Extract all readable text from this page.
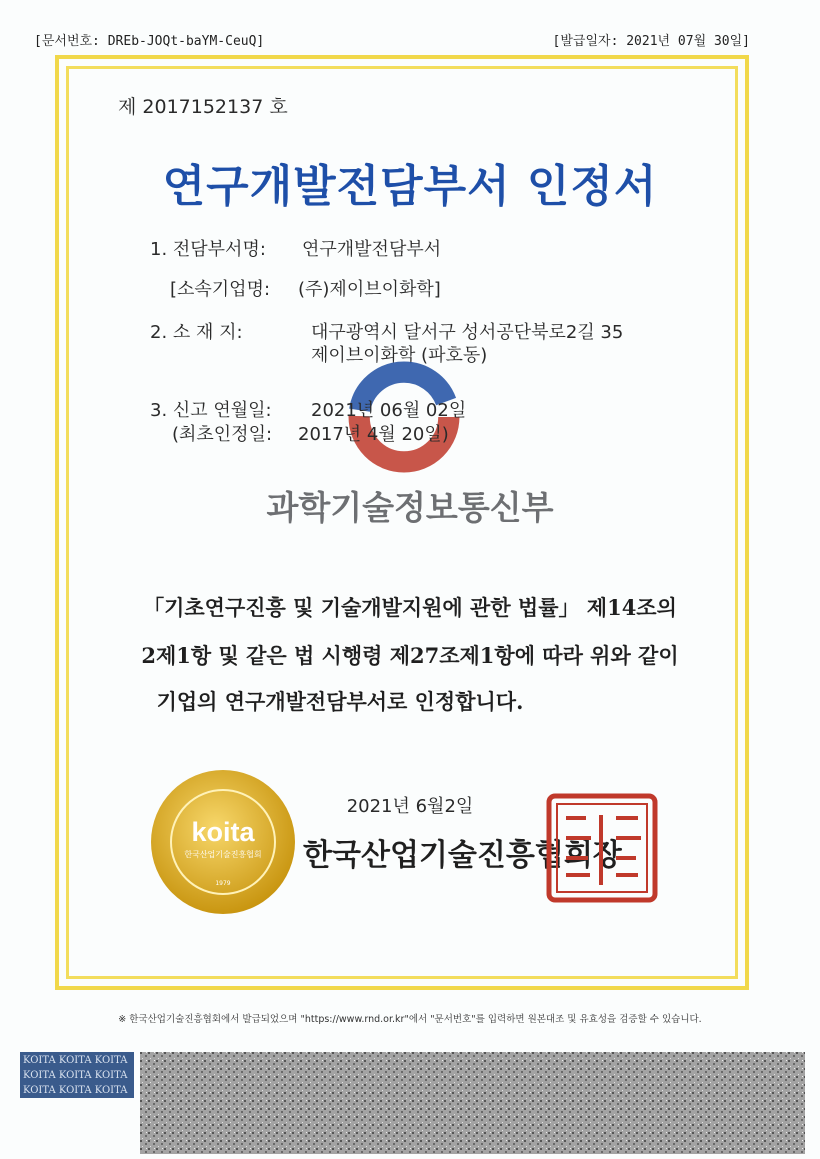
[문서번호: DREb-JOQt-baYM-CeuQ]	[발급일자: 2021년 07월 30일]
제 2017152137 호
연구개발전담부서 인정서
1. 전담부서명: 연구개발전담부서
[소속기업명: (주)제이브이화학]
2. 소 재 지:	대구광역시 달서구 성서공단북로2길 35
제이브이화학 (파호동)
3. 신고 연월일: 2021년 06월 02일
(최초인정일: 2017년 4월 20일)
과학기술정보통신부
「기초연구진흥 및 기술개발지원에 관한 법률」 제14조의
2제1항 및 같은 법 시행령 제27조제1항에 따라 위와 같이
기업의 연구개발전담부서로 인정합니다.
2021년 6월2일
koita
한국산업기술진흥협회
1979
한국산업기술진흥협회장
※ 한국산업기술진흥협회에서 발급되었으며 "https://www.rnd.or.kr"에서 "문서번호"를 입력하면 원본대조 및 유효성을 검증할 수 있습니다.
KOITA KOITA KOITA KOITA KOITA KOITA KOITA KOITA KOITA
